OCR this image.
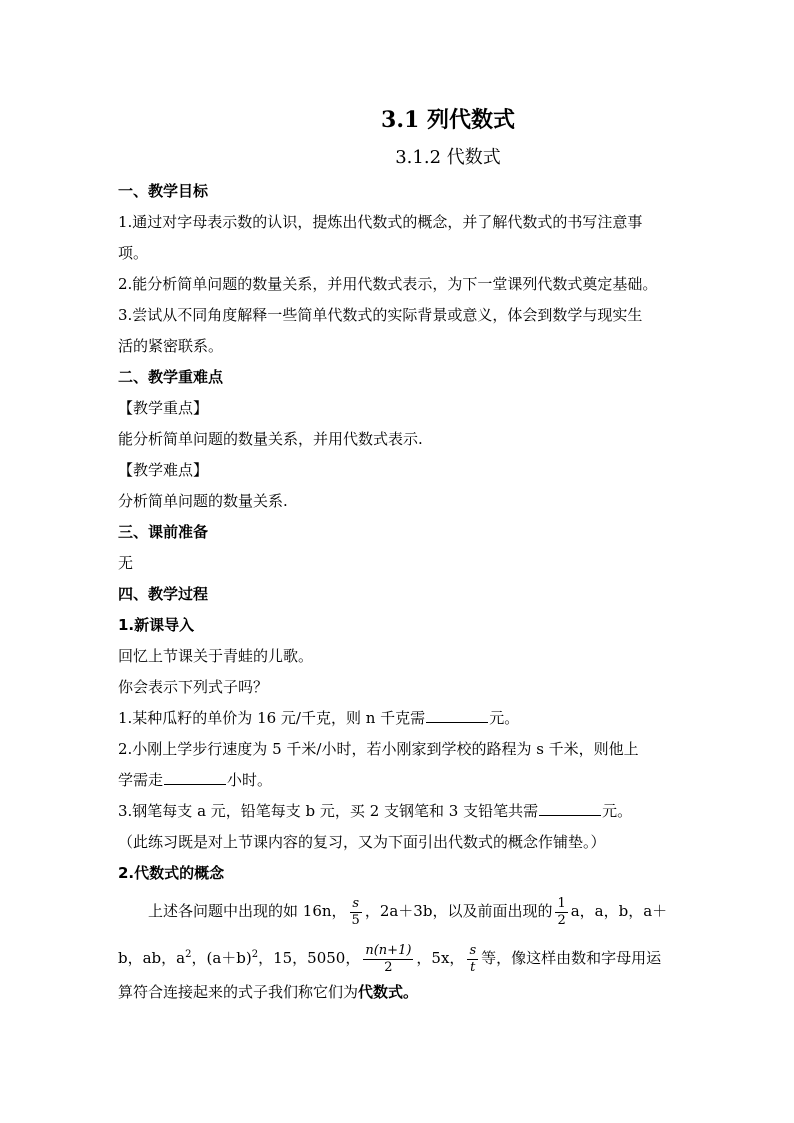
3.1 列代数式
3.1.2 代数式
一、教学目标
1.通过对字母表示数的认识，提炼出代数式的概念，并了解代数式的书写注意事
项。
2.能分析简单问题的数量关系，并用代数式表示，为下一堂课列代数式奠定基础。
3.尝试从不同角度解释一些简单代数式的实际背景或意义，体会到数学与现实生
活的紧密联系。
二、教学重难点
【教学重点】
能分析简单问题的数量关系，并用代数式表示.
【教学难点】
分析简单问题的数量关系.
三、课前准备
无
四、教学过程
1.新课导入
回忆上节课关于青蛙的儿歌。
你会表示下列式子吗？
1.某种瓜籽的单价为 16 元/千克，则 n 千克需	元。
2.小刚上学步行速度为 5 千米/小时，若小刚家到学校的路程为 s 千米，则他上
学需走	小时。
3.钢笔每支 a 元，铅笔每支 b 元，买 2 支钢笔和 3 支铅笔共需	元。
（此练习既是对上节课内容的复习，又为下面引出代数式的概念作铺垫。）
2.代数式的概念
上述各问题中出现的如 16n， $\frac{s}{5}$ ，2a＋3b，以及前面出现的 $\frac{1}{2}$ a，a，b，a＋
b，ab，$a^2$，$(a+b)^2$，15，5050， $\frac{n(n+1)}{2}$ ，5x， $\frac{s}{t}$ 等，像这样由数和字母用运
算符合连接起来的式子我们称它们为代数式。
